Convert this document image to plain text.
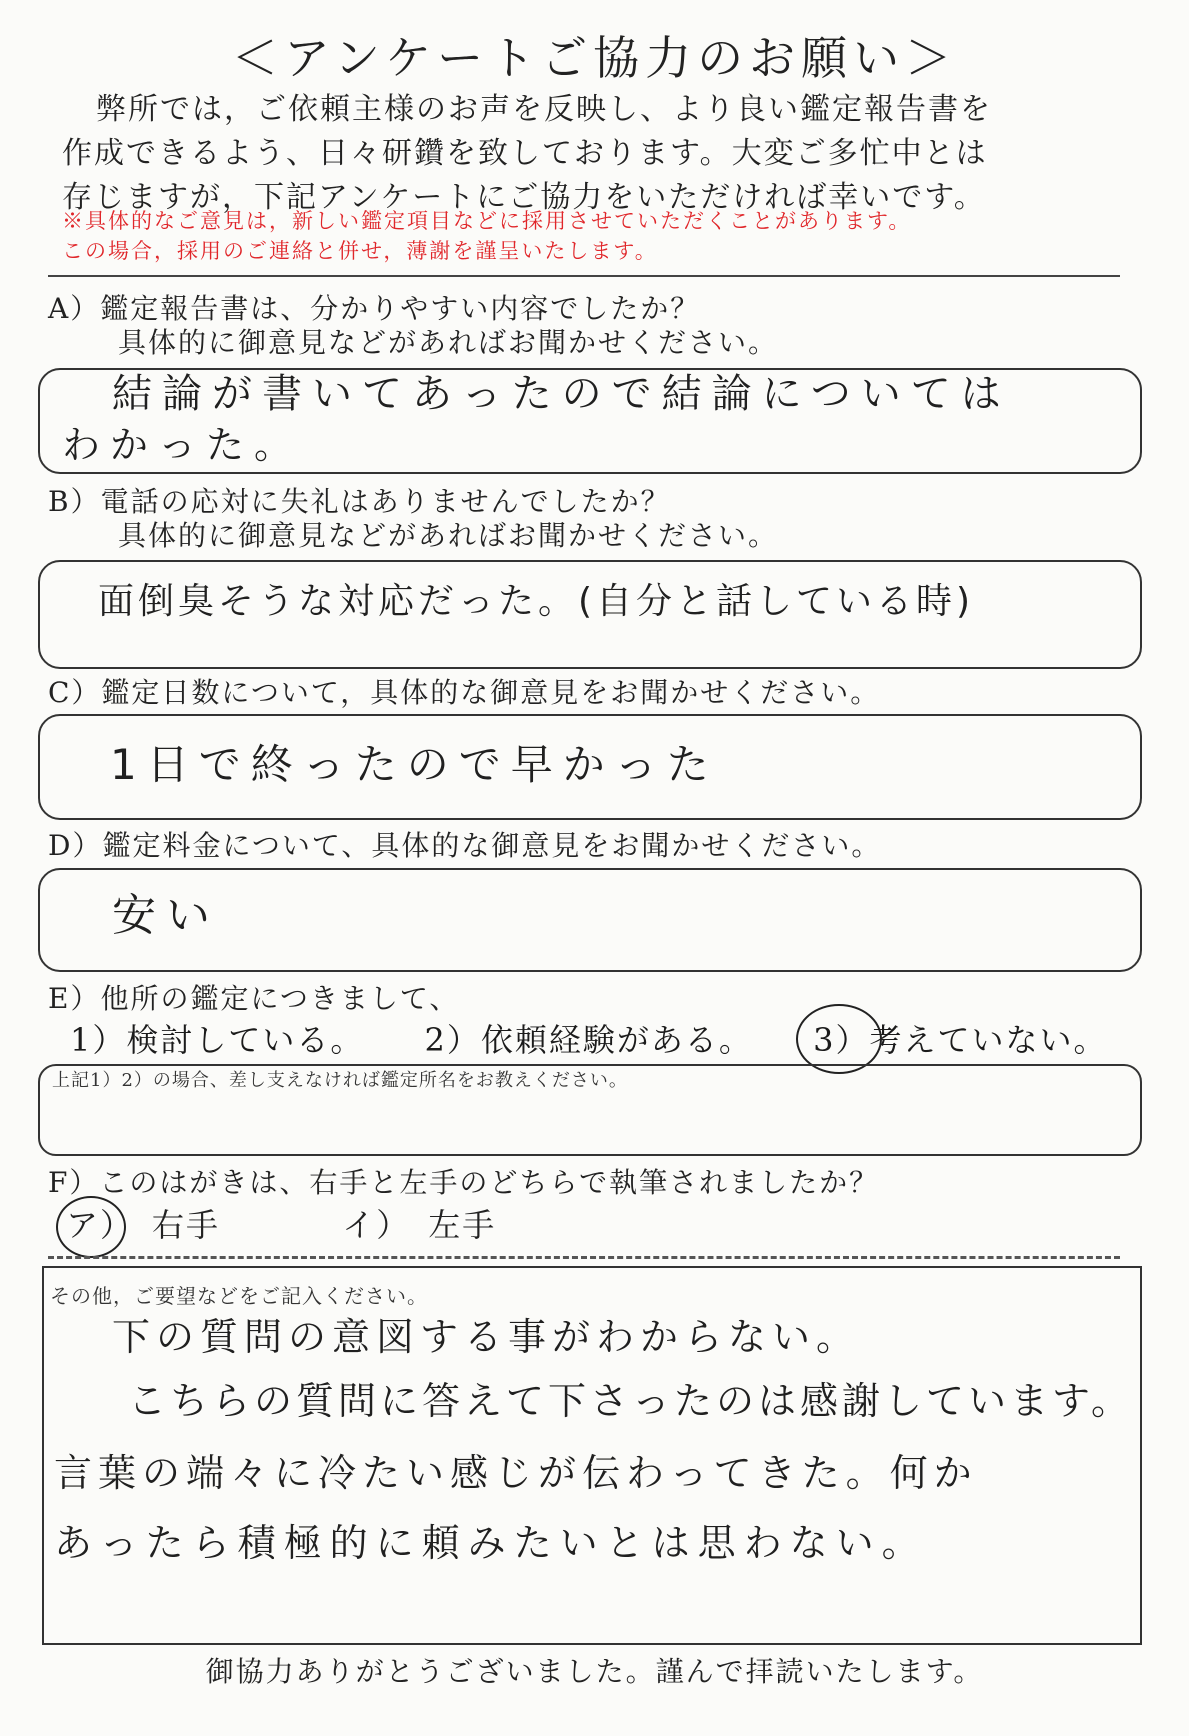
＜アンケートご協力のお願い＞

弊所では，ご依頼主様のお声を反映し、より良い鑑定報告書を

作成できるよう、日々研鑽を致しております。大変ご多忙中とは

存じますが，下記アンケートにご協力をいただければ幸いです。

※具体的なご意見は，新しい鑑定項目などに採用させていただくことがあります。

この場合，採用のご連絡と併せ，薄謝を謹呈いたします。

A）鑑定報告書は、分かりやすい内容でしたか？
具体的に御意見などがあればお聞かせください。
結論が書いてあったので結論については
わかった。
B）電話の応対に失礼はありませんでしたか？
具体的に御意見などがあればお聞かせください。
面倒臭そうな対応だった。(自分と話している時)
C）鑑定日数について，具体的な御意見をお聞かせください。
1日で終ったので早かった
D）鑑定料金について、具体的な御意見をお聞かせください。
安い
E）他所の鑑定につきまして、
1）検討している。 2）依頼経験がある。 3）考えていない。
上記1）2）の場合、差し支えなければ鑑定所名をお教えください。
F）このはがきは、右手と左手のどちらで執筆されましたか？
ア）　右手	イ）　左手
その他，ご要望などをご記入ください。
下の質問の意図する事がわからない。
こちらの質問に答えて下さったのは感謝しています。
言葉の端々に冷たい感じが伝わってきた。何か
あったら積極的に頼みたいとは思わない。
御協力ありがとうございました。謹んで拝読いたします。
